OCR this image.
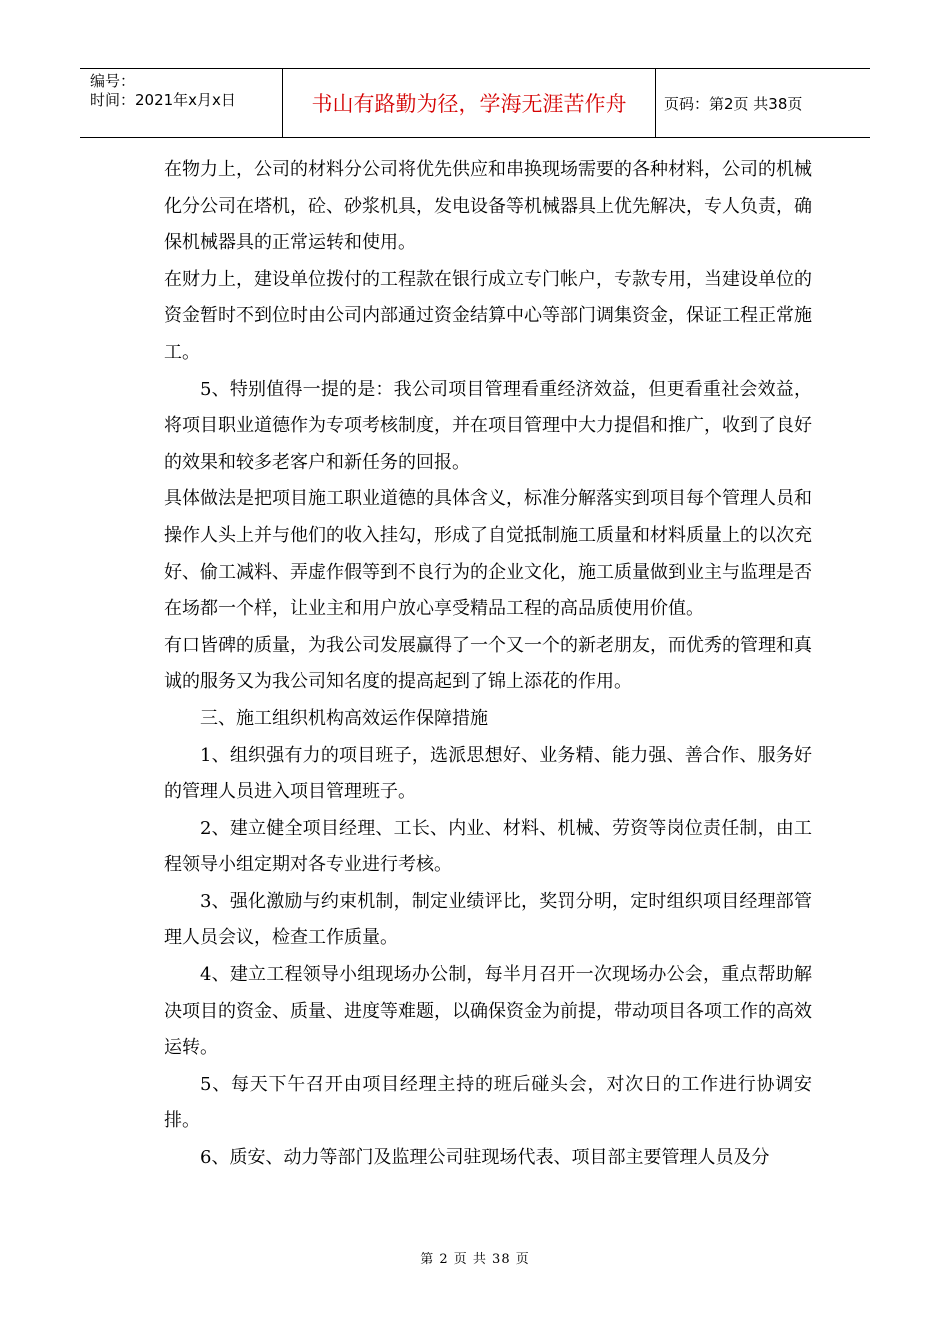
编号：
时间：2021年x月x日	书山有路勤为径，学海无涯苦作舟	页码：第2页 共38页

在物力上，公司的材料分公司将优先供应和串换现场需要的各种材料，公司的机械化分公司在塔机，砼、砂浆机具，发电设备等机械器具上优先解决，专人负责，确保机械器具的正常运转和使用。

在财力上，建设单位拨付的工程款在银行成立专门帐户，专款专用，当建设单位的资金暂时不到位时由公司内部通过资金结算中心等部门调集资金，保证工程正常施工。

5、特别值得一提的是：我公司项目管理看重经济效益，但更看重社会效益，将项目职业道德作为专项考核制度，并在项目管理中大力提倡和推广，收到了良好的效果和较多老客户和新任务的回报。

具体做法是把项目施工职业道德的具体含义，标准分解落实到项目每个管理人员和操作人头上并与他们的收入挂勾，形成了自觉抵制施工质量和材料质量上的以次充好、偷工减料、弄虚作假等到不良行为的企业文化，施工质量做到业主与监理是否在场都一个样，让业主和用户放心享受精品工程的高品质使用价值。

有口皆碑的质量，为我公司发展赢得了一个又一个的新老朋友，而优秀的管理和真诚的服务又为我公司知名度的提高起到了锦上添花的作用。

三、施工组织机构高效运作保障措施

1、组织强有力的项目班子，选派思想好、业务精、能力强、善合作、服务好的管理人员进入项目管理班子。

2、建立健全项目经理、工长、内业、材料、机械、劳资等岗位责任制，由工程领导小组定期对各专业进行考核。

3、强化激励与约束机制，制定业绩评比，奖罚分明，定时组织项目经理部管理人员会议，检查工作质量。

4、建立工程领导小组现场办公制，每半月召开一次现场办公会，重点帮助解决项目的资金、质量、进度等难题，以确保资金为前提，带动项目各项工作的高效运转。

5、每天下午召开由项目经理主持的班后碰头会，对次日的工作进行协调安排。

6、质安、动力等部门及监理公司驻现场代表、项目部主要管理人员及分

第 2 页 共 38 页
